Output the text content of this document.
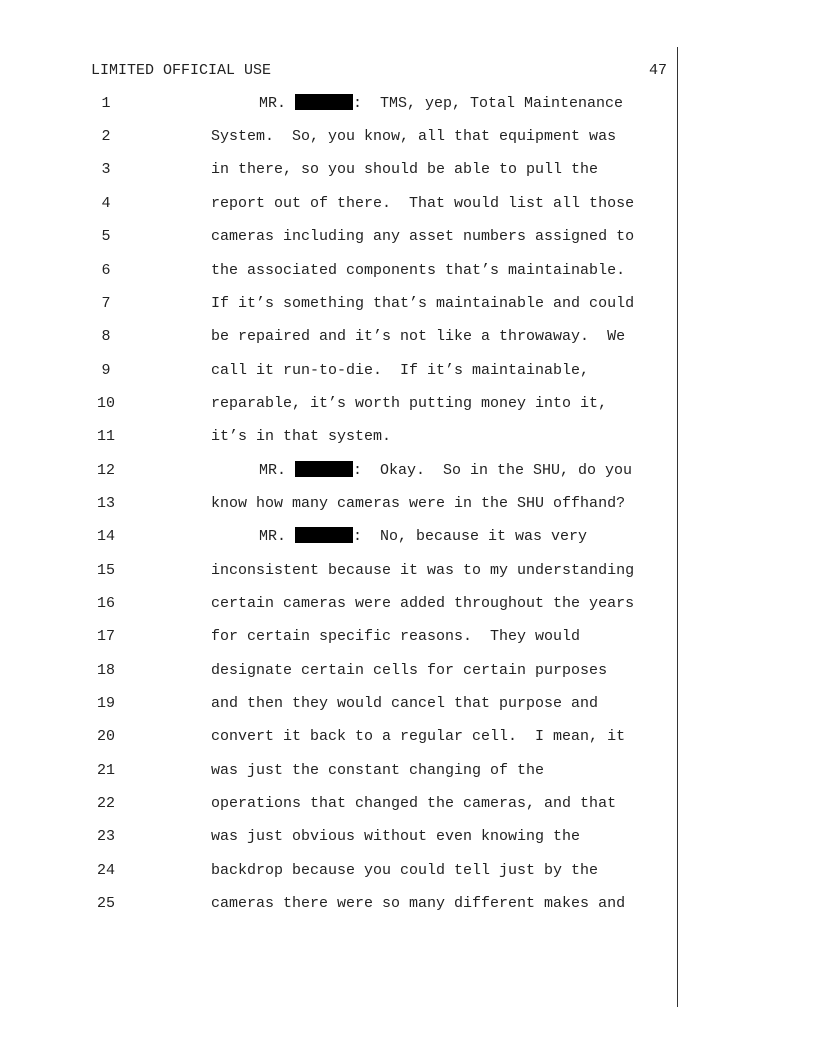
LIMITED OFFICIAL USE	47
1	MR.	:  TMS, yep, Total Maintenance
2	System.  So, you know, all that equipment was
3	in there, so you should be able to pull the
4	report out of there.  That would list all those
5	cameras including any asset numbers assigned to
6	the associated components that’s maintainable.
7	If it’s something that’s maintainable and could
8	be repaired and it’s not like a throwaway.  We
9	call it run-to-die.  If it’s maintainable,
10	reparable, it’s worth putting money into it,
11	it’s in that system.
12	MR.	:  Okay.  So in the SHU, do you
13	know how many cameras were in the SHU offhand?
14	MR.	:  No, because it was very
15	inconsistent because it was to my understanding
16	certain cameras were added throughout the years
17	for certain specific reasons.  They would
18	designate certain cells for certain purposes
19	and then they would cancel that purpose and
20	convert it back to a regular cell.  I mean, it
21	was just the constant changing of the
22	operations that changed the cameras, and that
23	was just obvious without even knowing the
24	backdrop because you could tell just by the
25	cameras there were so many different makes and
